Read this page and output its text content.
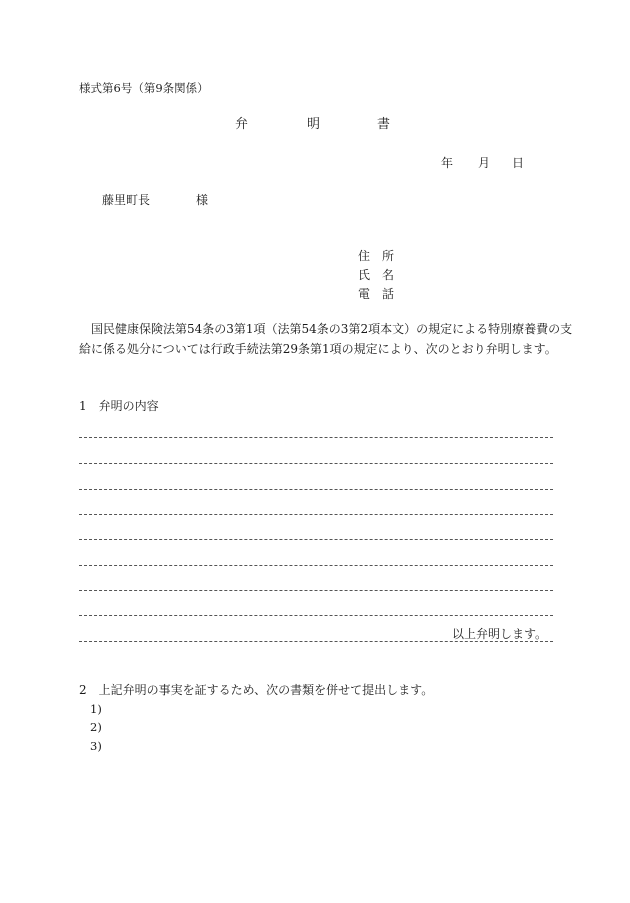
様式第6号（第9条関係）
弁	明	書
年 月 日
藤里町長	様
住　所
氏　名
電　話
　国民健康保険法第54条の3第1項（法第54条の3第2項本文）の規定による特別療養費の支
給に係る処分については行政手続法第29条第1項の規定により、次のとおり弁明します。
1　弁明の内容
以上弁明します。
2　上記弁明の事実を証するため、次の書類を併せて提出します。
1)
2)
3)
